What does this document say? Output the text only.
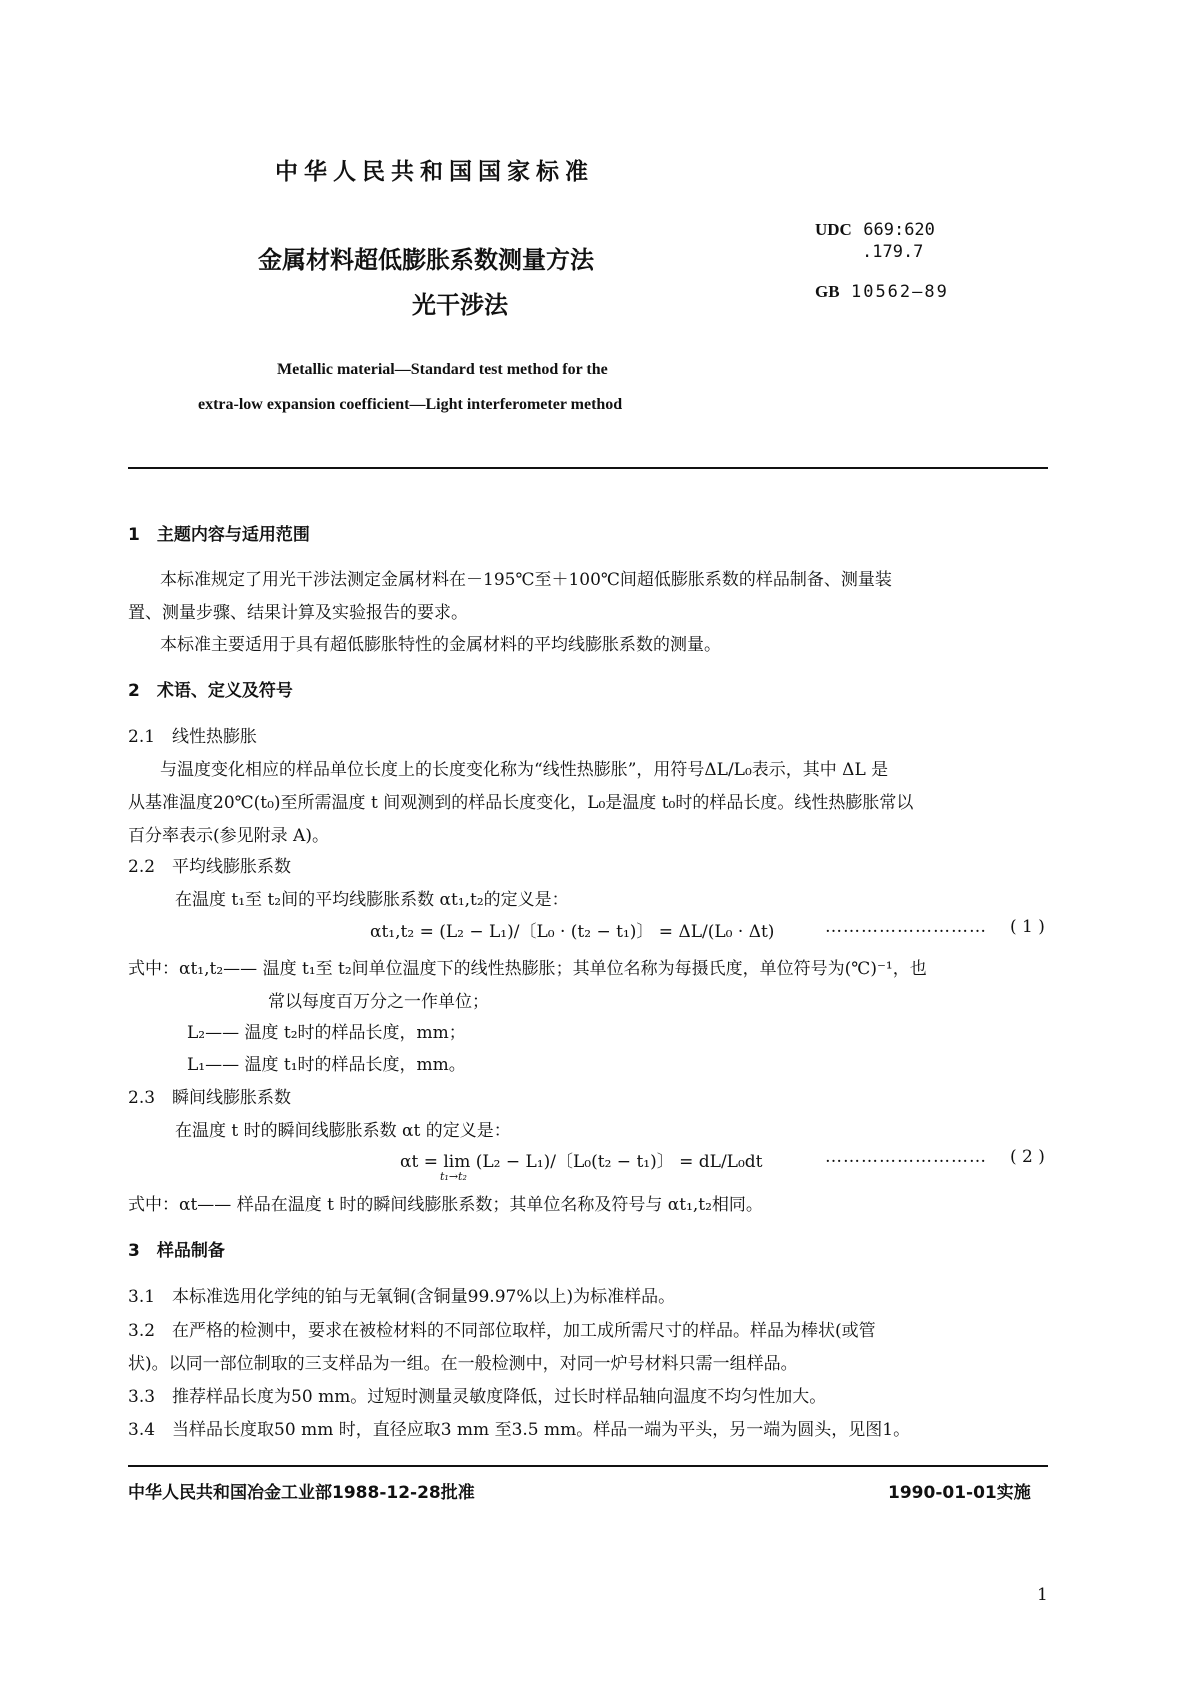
中华人民共和国国家标准
金属材料超低膨胀系数测量方法
光干涉法
UDC 669:620
.179.7
GB 10562—89
Metallic material—Standard test method for the
extra-low expansion coefficient—Light interferometer method
1　主题内容与适用范围
本标准规定了用光干涉法测定金属材料在－195℃至＋100℃间超低膨胀系数的样品制备、测量装
置、测量步骤、结果计算及实验报告的要求。
本标准主要适用于具有超低膨胀特性的金属材料的平均线膨胀系数的测量。
2　术语、定义及符号
2.1　线性热膨胀
与温度变化相应的样品单位长度上的长度变化称为“线性热膨胀”，用符号ΔL/L₀表示，其中 ΔL 是
从基准温度20℃(t₀)至所需温度 t 间观测到的样品长度变化，L₀是温度 t₀时的样品长度。线性热膨胀常以
百分率表示(参见附录 A)。
2.2　平均线膨胀系数
在温度 t₁至 t₂间的平均线膨胀系数 αt₁,t₂的定义是：
αt₁,t₂ = (L₂ − L₁)/〔L₀ · (t₂ − t₁)〕 = ΔL/(L₀ · Δt)	……………………… ( 1 )
式中：αt₁,t₂—— 温度 t₁至 t₂间单位温度下的线性热膨胀；其单位名称为每摄氏度，单位符号为(℃)⁻¹，也
常以每度百万分之一作单位；
L₂—— 温度 t₂时的样品长度，mm；
L₁—— 温度 t₁时的样品长度，mm。
2.3　瞬间线膨胀系数
在温度 t 时的瞬间线膨胀系数 αt 的定义是：
αt = lim (L₂ − L₁)/〔L₀(t₂ − t₁)〕 = dL/L₀dt
t₁→t₂
……………………… ( 2 )
式中：αt—— 样品在温度 t 时的瞬间线膨胀系数；其单位名称及符号与 αt₁,t₂相同。
3　样品制备
3.1　本标准选用化学纯的铂与无氧铜(含铜量99.97%以上)为标准样品。
3.2　在严格的检测中，要求在被检材料的不同部位取样，加工成所需尺寸的样品。样品为棒状(或管
状)。以同一部位制取的三支样品为一组。在一般检测中，对同一炉号材料只需一组样品。
3.3　推荐样品长度为50 mm。过短时测量灵敏度降低，过长时样品轴向温度不均匀性加大。
3.4　当样品长度取50 mm 时，直径应取3 mm 至3.5 mm。样品一端为平头，另一端为圆头，见图1。
中华人民共和国冶金工业部1988-12-28批准	1990-01-01实施
1
